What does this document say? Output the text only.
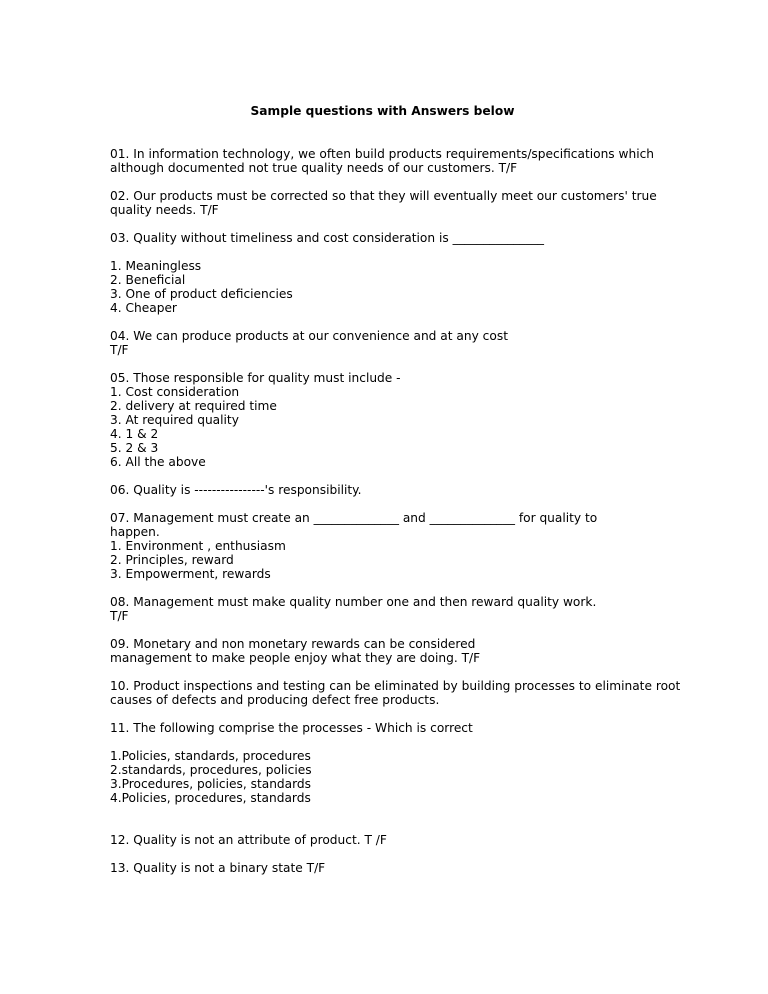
Sample questions with Answers below
01. In information technology, we often build products requirements/specifications which
although documented not true quality needs of our customers. T/F
02. Our products must be corrected so that they will eventually meet our customers' true
quality needs. T/F
03. Quality without timeliness and cost consideration is _______________
1. Meaningless
2. Beneficial
3. One of product deficiencies
4. Cheaper
04. We can produce products at our convenience and at any cost
T/F
05. Those responsible for quality must include -
1. Cost consideration
2. delivery at required time
3. At required quality
4. 1 & 2
5. 2 & 3
6. All the above
06. Quality is ----------------'s responsibility.
07. Management must create an ______________ and ______________ for quality to
happen.
1. Environment , enthusiasm
2. Principles, reward
3. Empowerment, rewards
08. Management must make quality number one and then reward quality work.
T/F
09. Monetary and non monetary rewards can be considered
management to make people enjoy what they are doing. T/F
10. Product inspections and testing can be eliminated by building processes to eliminate root
causes of defects and producing defect free products.
11. The following comprise the processes - Which is correct
1.Policies, standards, procedures
2.standards, procedures, policies
3.Procedures, policies, standards
4.Policies, procedures, standards
12. Quality is not an attribute of product. T /F
13. Quality is not a binary state T/F
